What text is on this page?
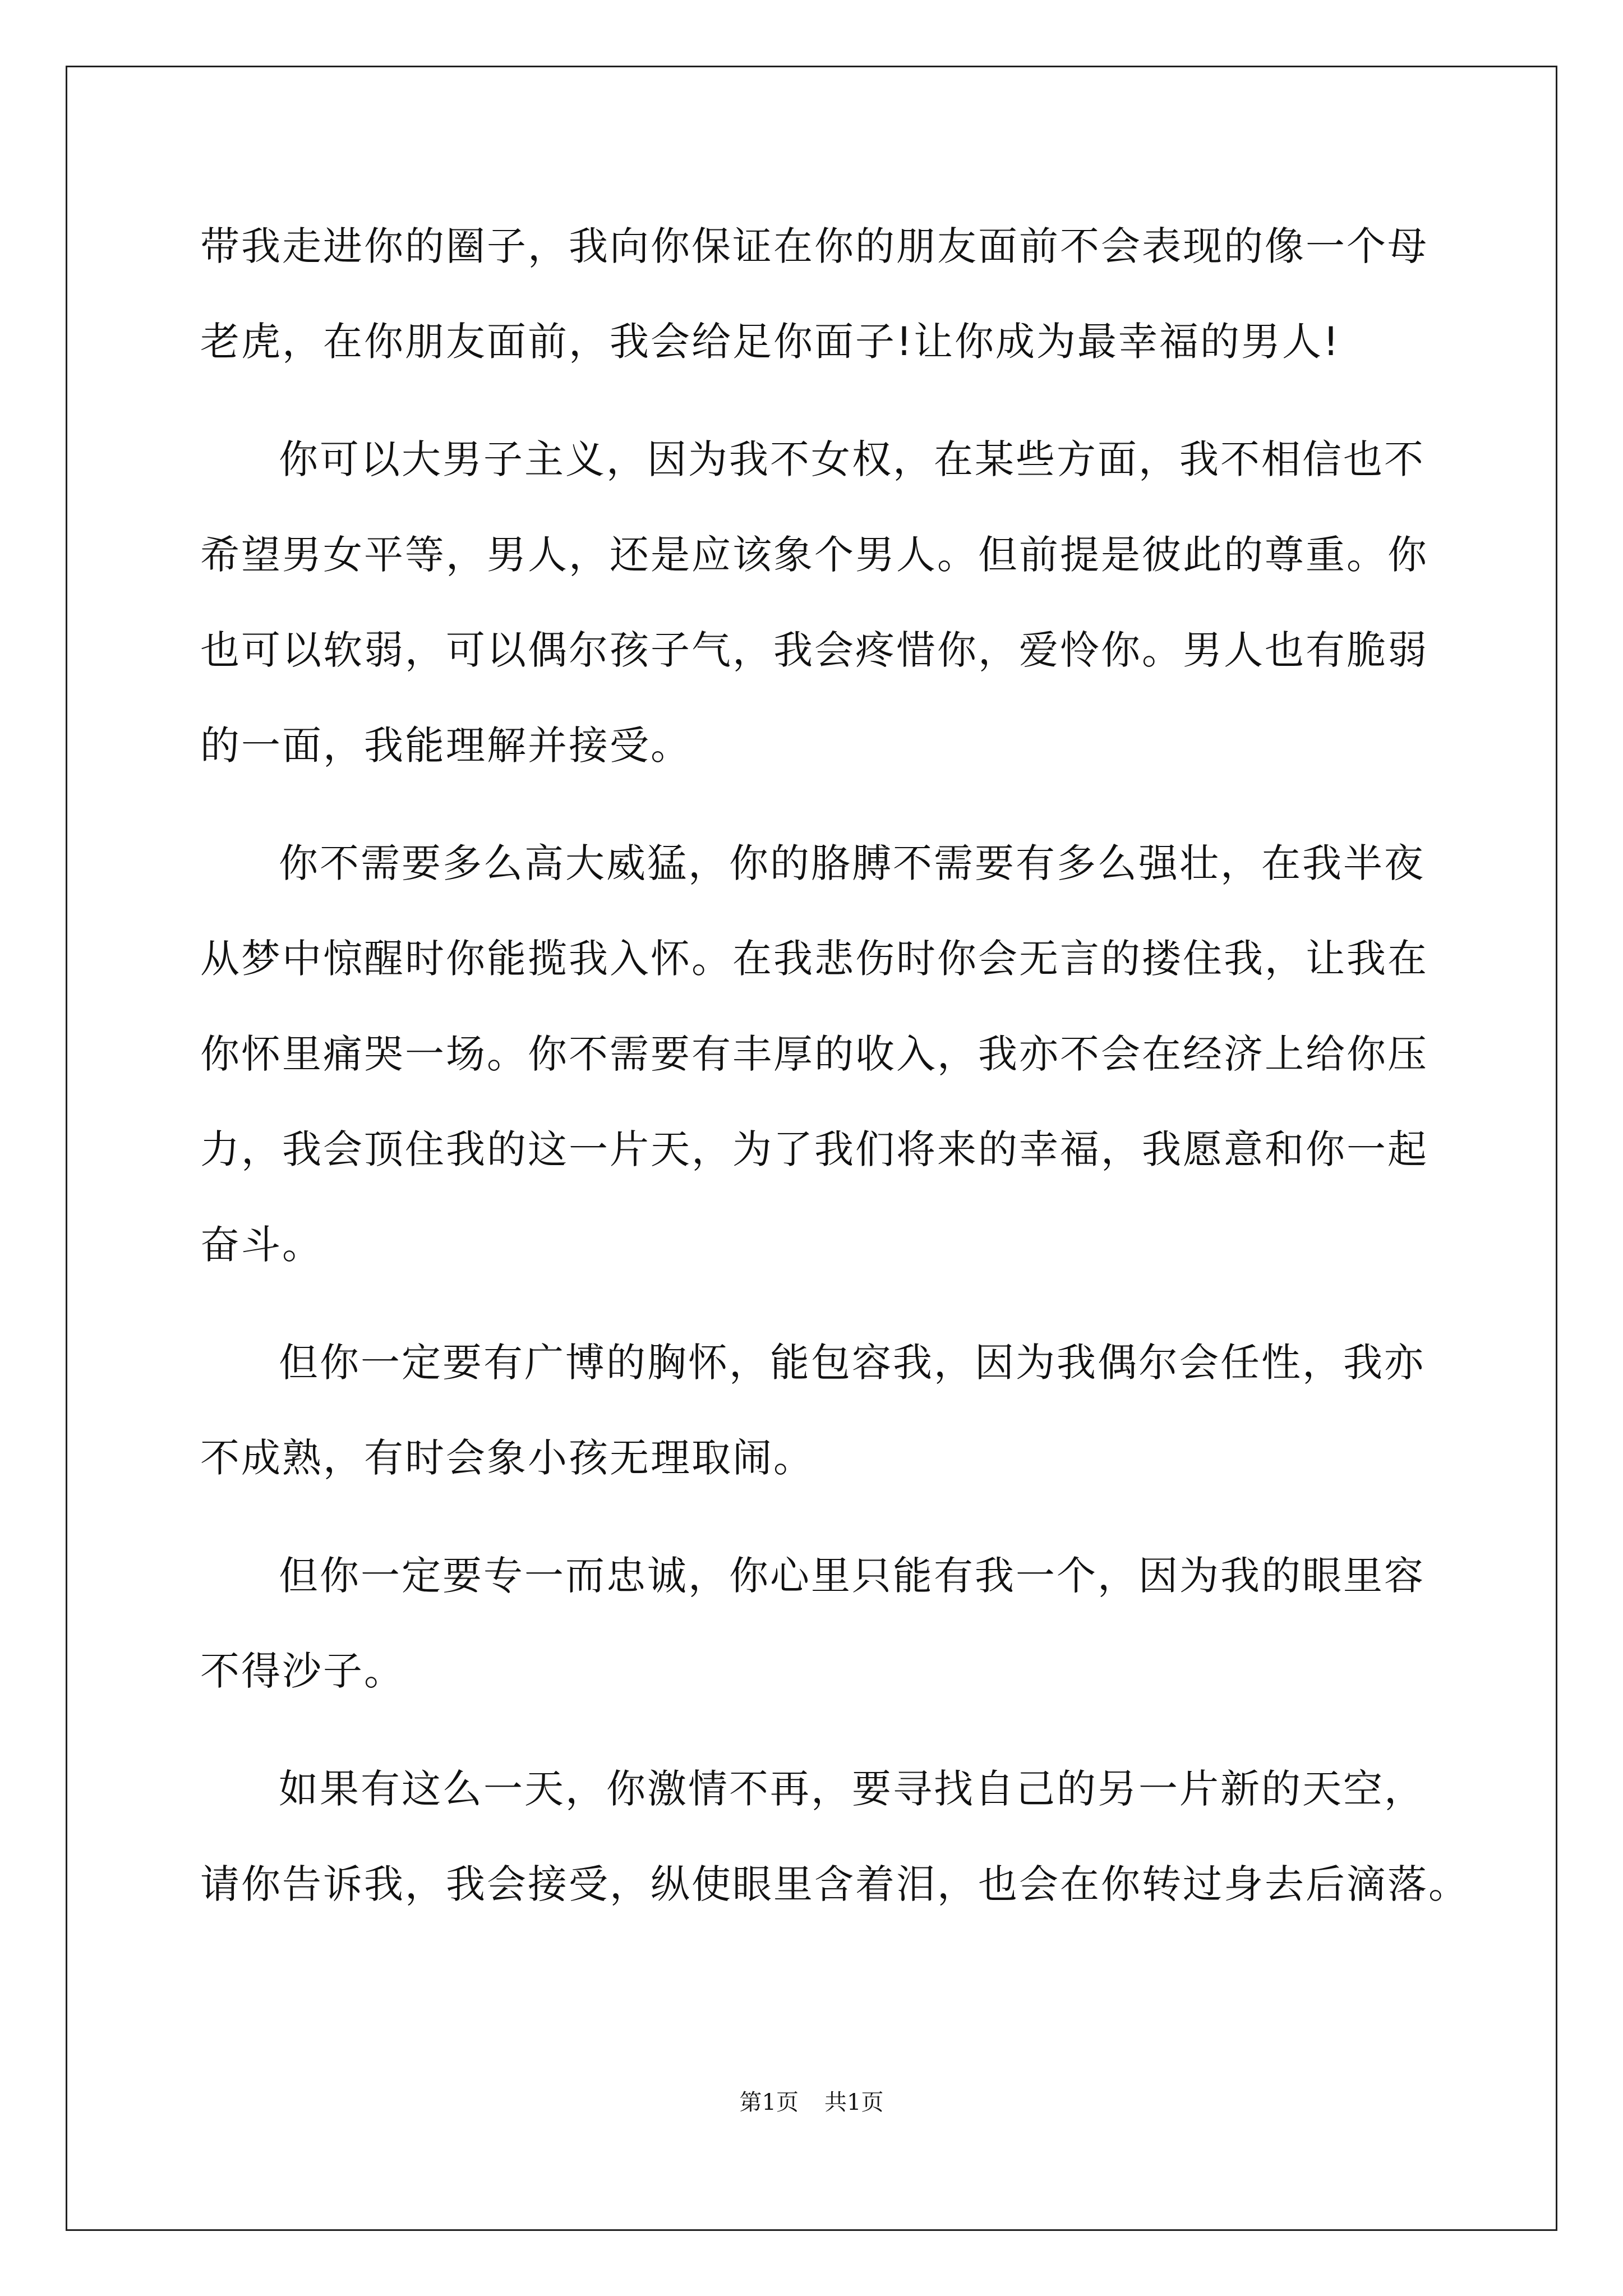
带我走进你的圈子，我向你保证在你的朋友面前不会表现的像一个母
老虎，在你朋友面前，我会给足你面子!让你成为最幸福的男人!
你可以大男子主义，因为我不女权，在某些方面，我不相信也不
希望男女平等，男人，还是应该象个男人。但前提是彼此的尊重。你
也可以软弱，可以偶尔孩子气，我会疼惜你，爱怜你。男人也有脆弱
的一面，我能理解并接受。
你不需要多么高大威猛，你的胳膊不需要有多么强壮，在我半夜
从梦中惊醒时你能揽我入怀。在我悲伤时你会无言的搂住我，让我在
你怀里痛哭一场。你不需要有丰厚的收入，我亦不会在经济上给你压
力，我会顶住我的这一片天，为了我们将来的幸福，我愿意和你一起
奋斗。
但你一定要有广博的胸怀，能包容我，因为我偶尔会任性，我亦
不成熟，有时会象小孩无理取闹。
但你一定要专一而忠诚，你心里只能有我一个，因为我的眼里容
不得沙子。
如果有这么一天，你激情不再，要寻找自己的另一片新的天空，
请你告诉我，我会接受，纵使眼里含着泪，也会在你转过身去后滴落。
第1页 共1页
